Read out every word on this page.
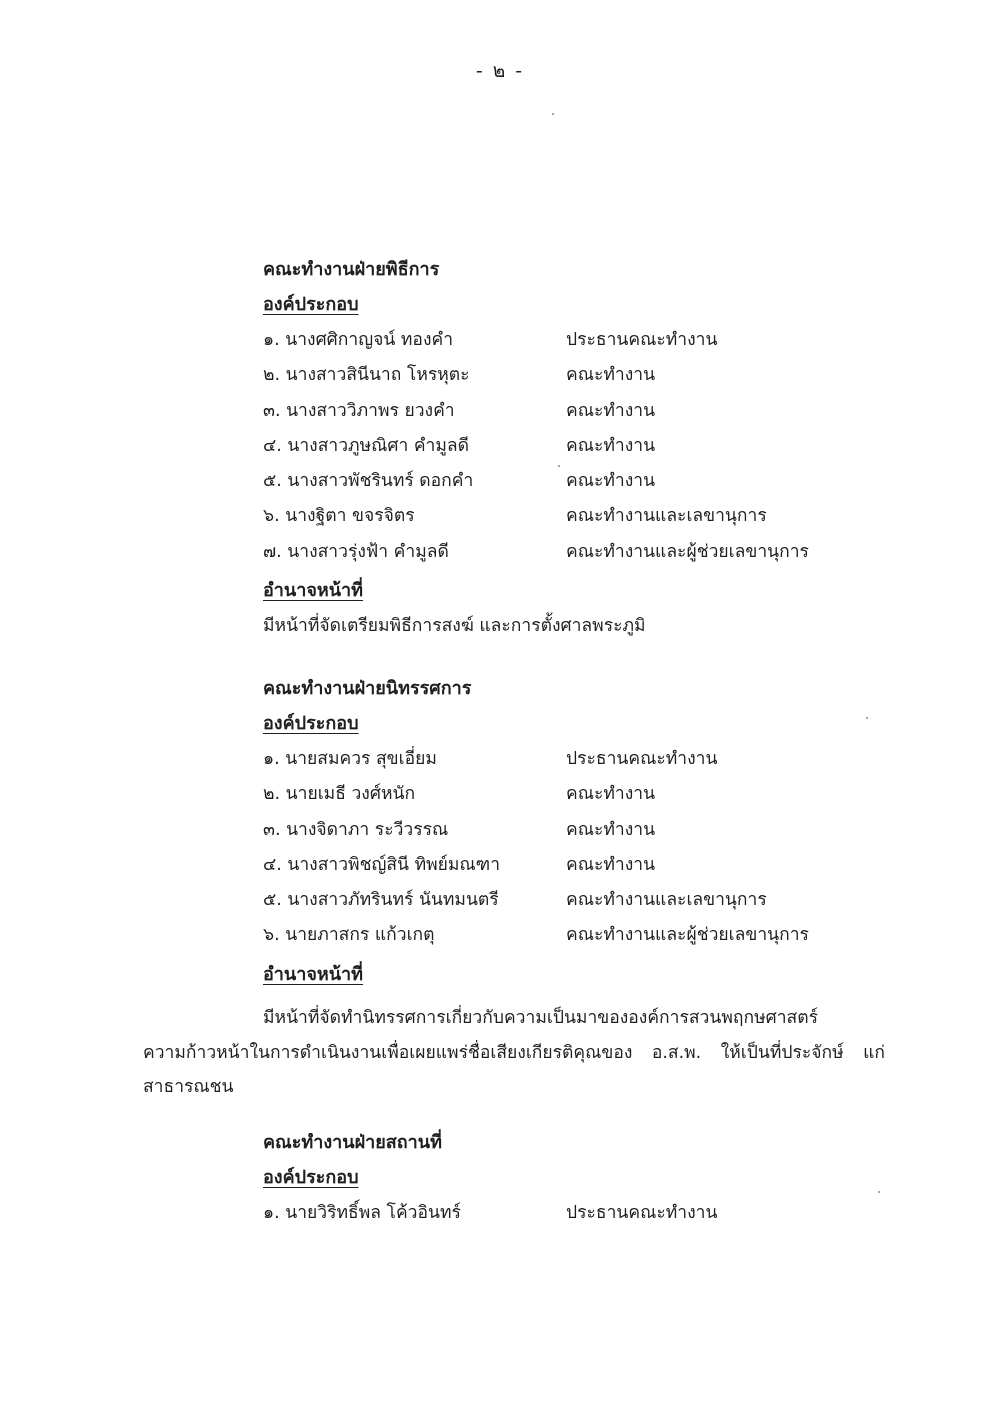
- ๒ -
คณะทำงานฝ่ายพิธีการ
องค์ประกอบ
๑. นางศศิกาญจน์ ทองคำ	ประธานคณะทำงาน
๒. นางสาวสินีนาถ โหรหุตะ	คณะทำงาน
๓. นางสาววิภาพร ยวงคำ	คณะทำงาน
๔. นางสาวภูษณิศา คำมูลดี	คณะทำงาน
๕. นางสาวพัชรินทร์ ดอกคำ	คณะทำงาน
๖. นางฐิตา ขจรจิตร	คณะทำงานและเลขานุการ
๗. นางสาวรุ่งฟ้า คำมูลดี	คณะทำงานและผู้ช่วยเลขานุการ
อำนาจหน้าที่
มีหน้าที่จัดเตรียมพิธีการสงฆ์ และการตั้งศาลพระภูมิ
คณะทำงานฝ่ายนิทรรศการ
องค์ประกอบ
๑. นายสมควร สุขเอี่ยม	ประธานคณะทำงาน
๒. นายเมธี วงศ์หนัก	คณะทำงาน
๓. นางจิดาภา ระวีวรรณ	คณะทำงาน
๔. นางสาวพิชญ์สินี ทิพย์มณฑา	คณะทำงาน
๕. นางสาวภัทรินทร์ นันทมนตรี	คณะทำงานและเลขานุการ
๖. นายภาสกร แก้วเกตุ	คณะทำงานและผู้ช่วยเลขานุการ
อำนาจหน้าที่
มีหน้าที่จัดทำนิทรรศการเกี่ยวกับความเป็นมาขององค์การสวนพฤกษศาสตร์
ความก้าวหน้าในการดำเนินงานเพื่อเผยแพร่ชื่อเสียงเกียรติคุณของ อ.ส.พ. ให้เป็นที่ประจักษ์ แก่
สาธารณชน
คณะทำงานฝ่ายสถานที่
องค์ประกอบ
๑. นายวิริทธิ์พล โค้วอินทร์	ประธานคณะทำงาน
